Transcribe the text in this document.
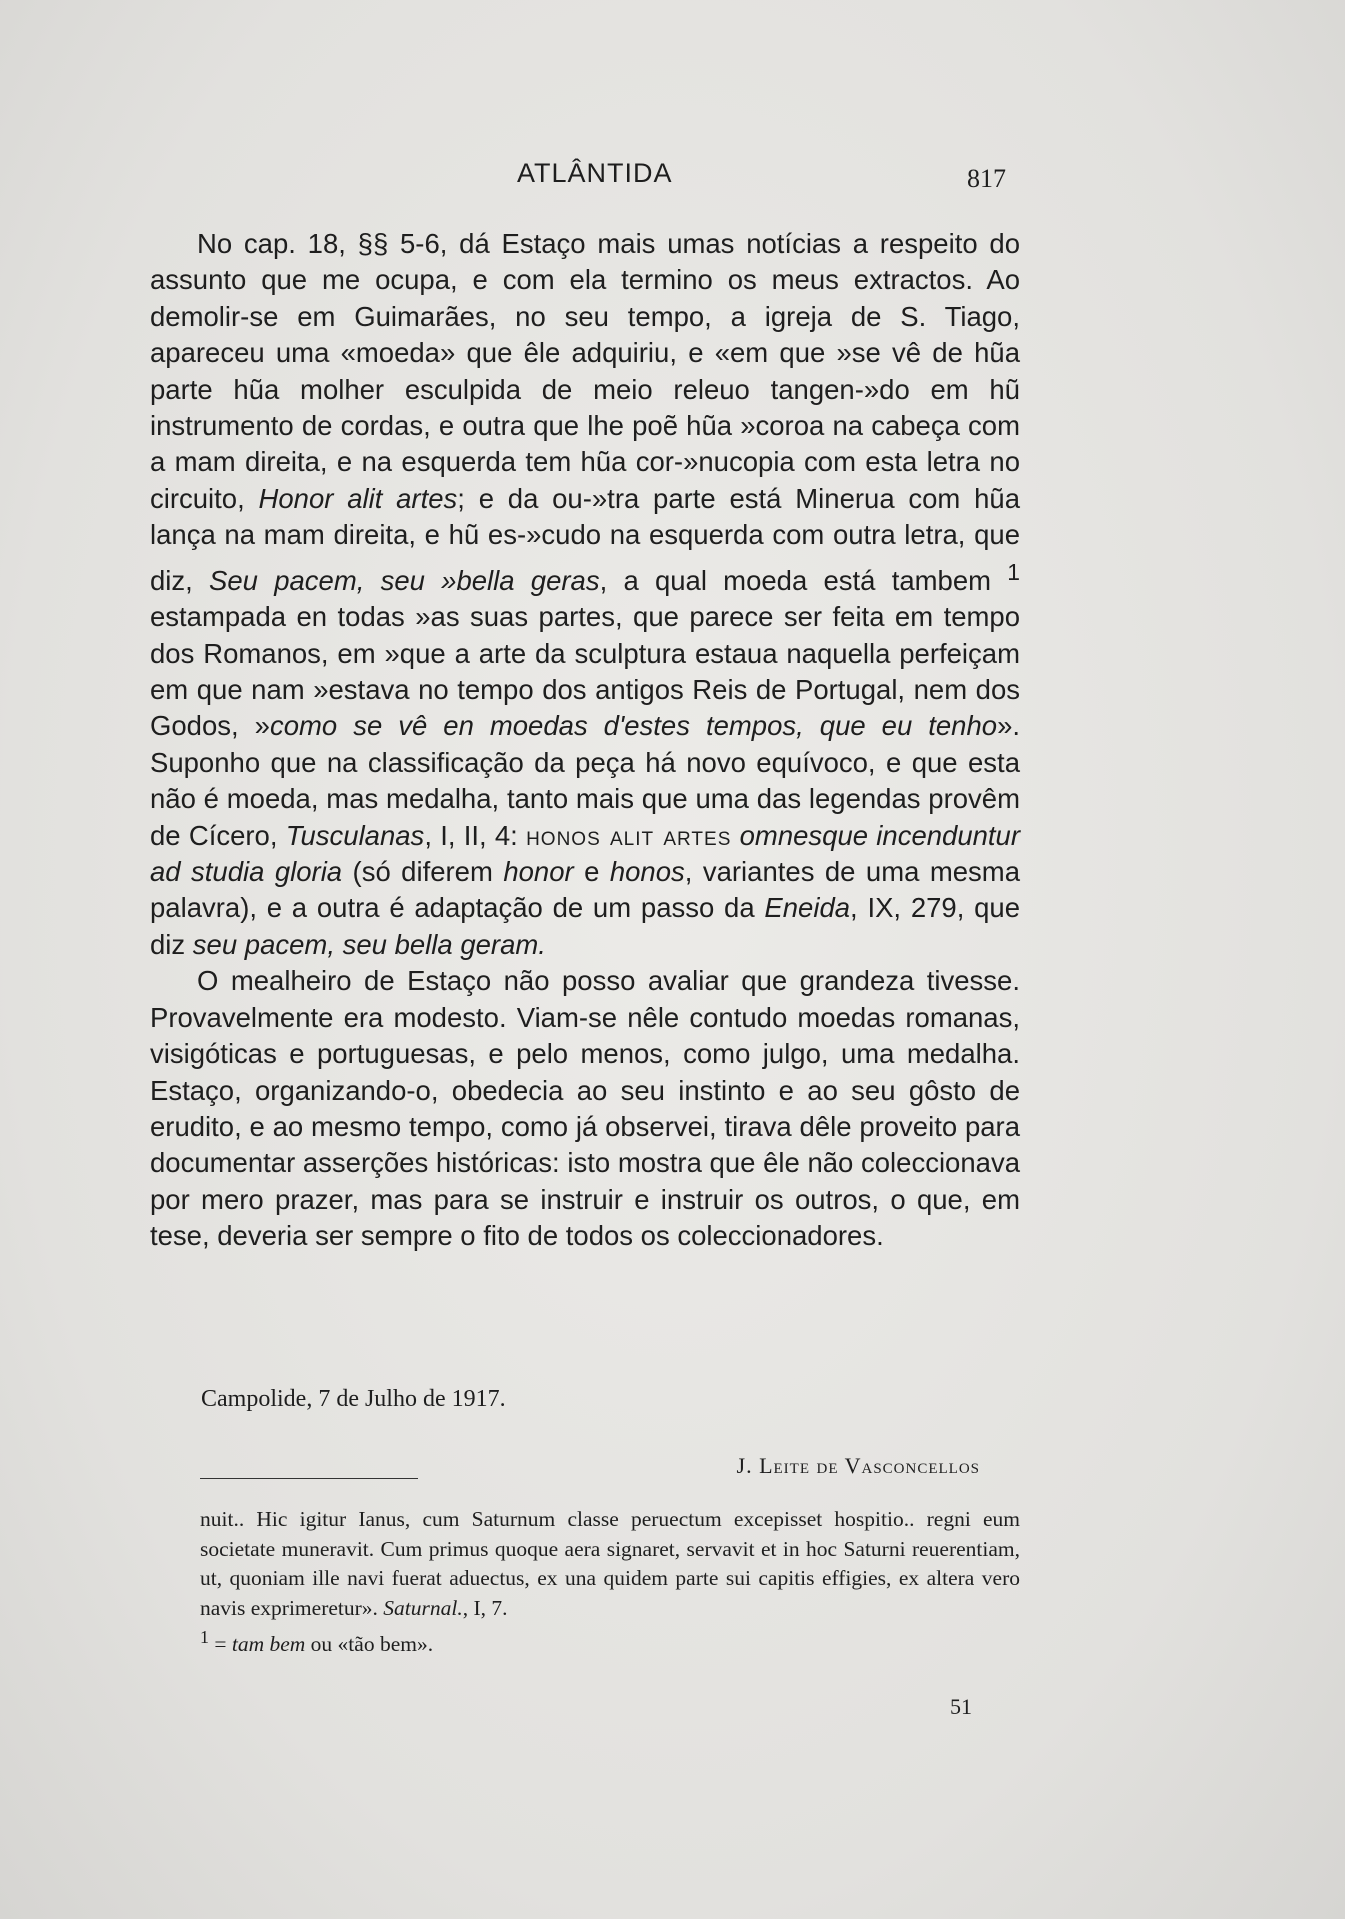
ATLÂNTIDA	817

No cap. 18, §§ 5-6, dá Estaço mais umas notícias a respeito do assunto que me ocupa, e com ela termino os meus extractos. Ao demolir-se em Guimarães, no seu tempo, a igreja de S. Tiago, apareceu uma «moeda» que êle adquiriu, e «em que »se vê de hũa parte hũa molher esculpida de meio releuo tangen-»do em hũ instrumento de cordas, e outra que lhe poẽ hũa »coroa na cabeça com a mam direita, e na esquerda tem hũa cor-»nucopia com esta letra no circuito, Honor alit artes; e da ou-»tra parte está Minerua com hũa lança na mam direita, e hũ es-»cudo na esquerda com outra letra, que diz, Seu pacem, seu »bella geras, a qual moeda está tambem $^1$ estampada en todas »as suas partes, que parece ser feita em tempo dos Romanos, em »que a arte da sculptura estaua naquella perfeiçam em que nam »estava no tempo dos antigos Reis de Portugal, nem dos Godos, »como se vê en moedas d'estes tempos, que eu tenho». Suponho que na classificação da peça há novo equívoco, e que esta não é moeda, mas medalha, tanto mais que uma das legendas provêm de Cícero, Tusculanas, I, II, 4: honos alit artes omnesque incenduntur ad studia gloria (só diferem honor e honos, variantes de uma mesma palavra), e a outra é adaptação de um passo da Eneida, IX, 279, que diz seu pacem, seu bella geram.

O mealheiro de Estaço não posso avaliar que grandeza tivesse. Provavelmente era modesto. Viam-se nêle contudo moedas romanas, visigóticas e portuguesas, e pelo menos, como julgo, uma medalha. Estaço, organizando-o, obedecia ao seu instinto e ao seu gôsto de erudito, e ao mesmo tempo, como já observei, tirava dêle proveito para documentar asserções históricas: isto mostra que êle não coleccionava por mero prazer, mas para se instruir e instruir os outros, o que, em tese, deveria ser sempre o fito de todos os coleccionadores.

Campolide, 7 de Julho de 1917.
J. Leite de Vasconcellos

nuit.. Hic igitur Ianus, cum Saturnum classe peruectum excepisset hospitio.. regni eum societate muneravit. Cum primus quoque aera signaret, servavit et in hoc Saturni reuerentiam, ut, quoniam ille navi fuerat aduectus, ex una quidem parte sui capitis effigies, ex altera vero navis exprimeretur». Saturnal., I, 7.

$^1$ = tam bem ou «tão bem».

51
